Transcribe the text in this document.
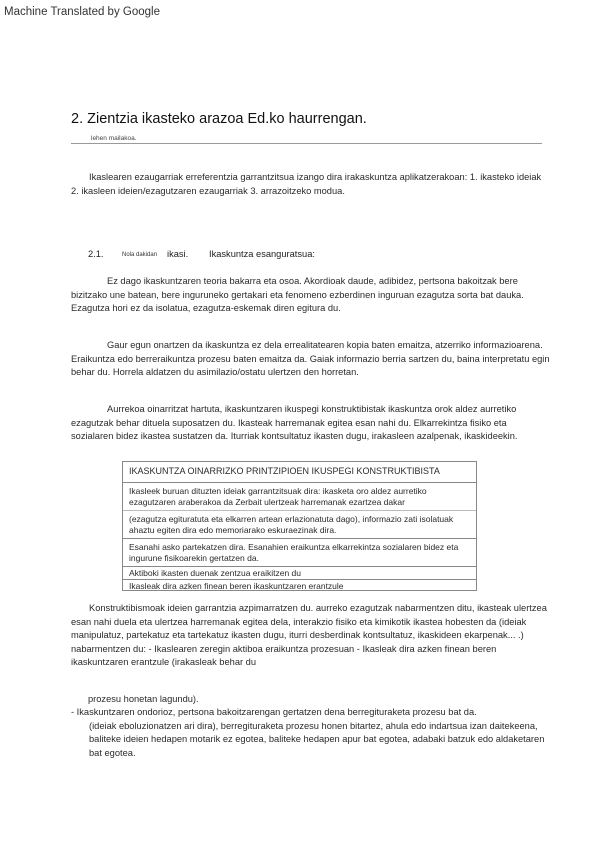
Machine Translated by Google
2. Zientzia ikasteko arazoa Ed.ko haurrengan.
lehen mailakoa.
Ikaslearen ezaugarriak erreferentzia garrantzitsua izango dira irakaskuntza aplikatzerakoan: 1. ikasteko ideiak 2. ikasleen ideien/ezagutzaren ezaugarriak 3. arrazoitzeko modua.
2.1.	Nola dakidan ikasi. Ikaskuntza esanguratsua:
Ez dago ikaskuntzaren teoria bakarra eta osoa. Akordioak daude, adibidez, pertsona bakoitzak bere bizitzako une batean, bere inguruneko gertakari eta fenomeno ezberdinen inguruan ezagutza sorta bat dauka. Ezagutza hori ez da isolatua, ezagutza-eskemak diren egitura du.
Gaur egun onartzen da ikaskuntza ez dela errealitatearen kopia baten emaitza, atzerriko informazioarena. Eraikuntza edo berreraikuntza prozesu baten emaitza da. Gaiak informazio berria sartzen du, baina interpretatu egin behar du. Horrela aldatzen du asimilazio/ostatu ulertzen den horretan.
Aurrekoa oinarritzat hartuta, ikaskuntzaren ikuspegi konstruktibistak ikaskuntza orok aldez aurretiko ezagutzak behar dituela suposatzen du. Ikasteak harremanak egitea esan nahi du. Elkarrekintza fisiko eta sozialaren bidez ikastea sustatzen da. Iturriak kontsultatuz ikasten dugu, irakasleen azalpenak, ikaskideekin.
IKASKUNTZA OINARRIZKO PRINTZIPIOEN IKUSPEGI KONSTRUKTIBISTA
Ikasleek buruan dituzten ideiak garrantzitsuak dira: ikasketa oro aldez aurretiko ezagutzaren araberakoa da Zerbait ulertzeak harremanak ezartzea dakar
(ezagutza egituratuta eta elkarren artean erlazionatuta dago), informazio zati isolatuak ahaztu egiten dira edo memoriarako eskuraezinak dira.
Esanahi asko partekatzen dira. Esanahien eraikuntza elkarrekintza sozialaren bidez eta ingurune fisikoarekin gertatzen da.
Aktiboki ikasten duenak zentzua eraikitzen du
Ikasleak dira azken finean beren ikaskuntzaren erantzule
Konstruktibismoak ideien garrantzia azpimarratzen du. aurreko ezagutzak nabarmentzen ditu, ikasteak ulertzea esan nahi duela eta ulertzea harremanak egitea dela, interakzio fisiko eta kimikotik ikastea hobesten da (ideiak manipulatuz, partekatuz eta tartekatuz ikasten dugu, iturri desberdinak kontsultatuz, ikaskideen ekarpenak... .) nabarmentzen du: - Ikaslearen zeregin aktiboa eraikuntza prozesuan - Ikasleak dira azken finean beren ikaskuntzaren erantzule (irakasleak behar du
prozesu honetan lagundu).
- Ikaskuntzaren ondorioz, pertsona bakoitzarengan gertatzen dena berregituraketa prozesu bat da.
(ideiak eboluzionatzen ari dira), berregituraketa prozesu honen bitartez, ahula edo indartsua izan daitekeena, baliteke ideien hedapen motarik ez egotea, baliteke hedapen apur bat egotea, adabaki batzuk edo aldaketaren bat egotea.
